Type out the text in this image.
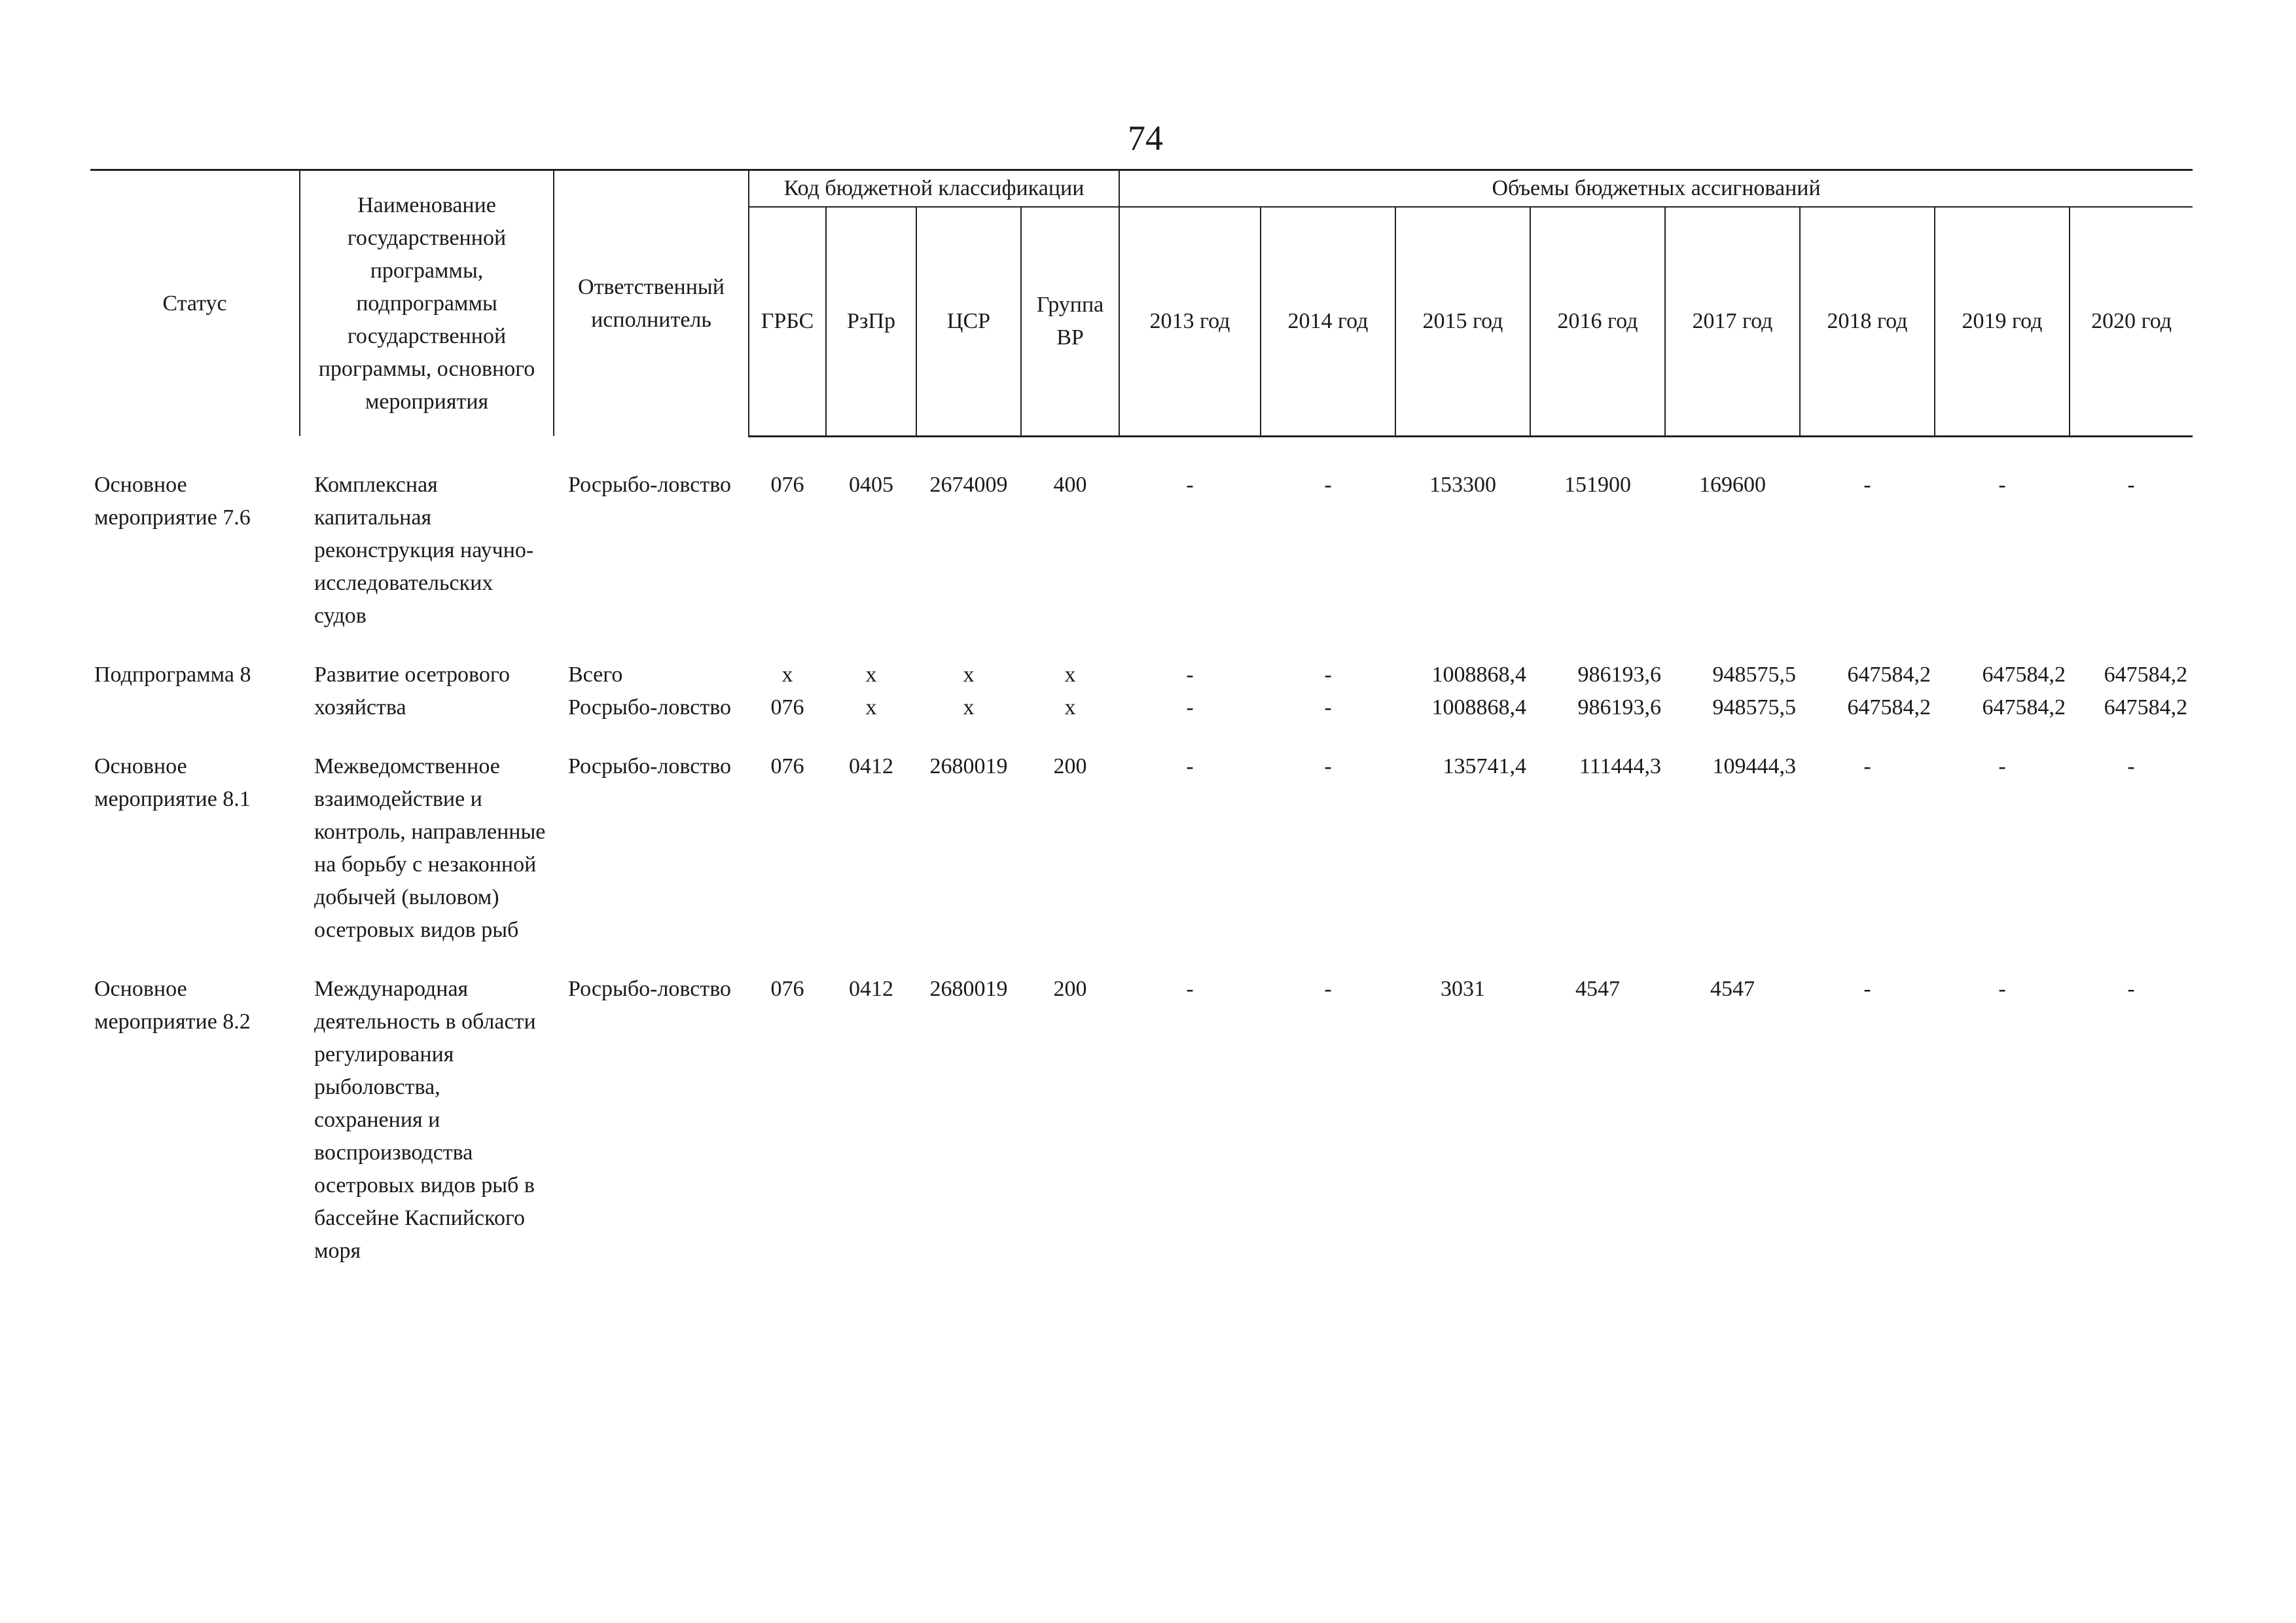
74
Статус	Наименование государственной программы, подпрограммы государственной программы, основного мероприятия	Ответственный исполнитель	Код бюджетной классификации				Объемы бюджетных ассигнований							
			ГРБС	РзПр	ЦСР	Группа ВР	2013 год	2014 год	2015 год	2016 год	2017 год	2018 год	2019 год	2020 год

Основное мероприятие 7.6	Комплексная капитальная реконструкция научно-исследовательских судов	Росрыбо-ловство	076	0405	2674009	400	-	-	153300	151900	169600	-	-	-

Подпрограмма 8	Развитие осетрового хозяйства	Всего	x	x	x	x	-	-	1008868,4	986193,6	948575,5	647584,2	647584,2	647584,2
		Росрыбо-ловство	076	x	x	x	-	-	1008868,4	986193,6	948575,5	647584,2	647584,2	647584,2

Основное мероприятие 8.1	Межведомственное взаимодействие и контроль, направленные на борьбу с незаконной добычей (выловом) осетровых видов рыб	Росрыбо-ловство	076	0412	2680019	200	-	-	135741,4	111444,3	109444,3	-	-	-

Основное мероприятие 8.2	Международная деятельность в области регулирования рыболовства, сохранения и воспроизводства осетровых видов рыб в бассейне Каспийского моря	Росрыбо-ловство	076	0412	2680019	200	-	-	3031	4547	4547	-	-	-
